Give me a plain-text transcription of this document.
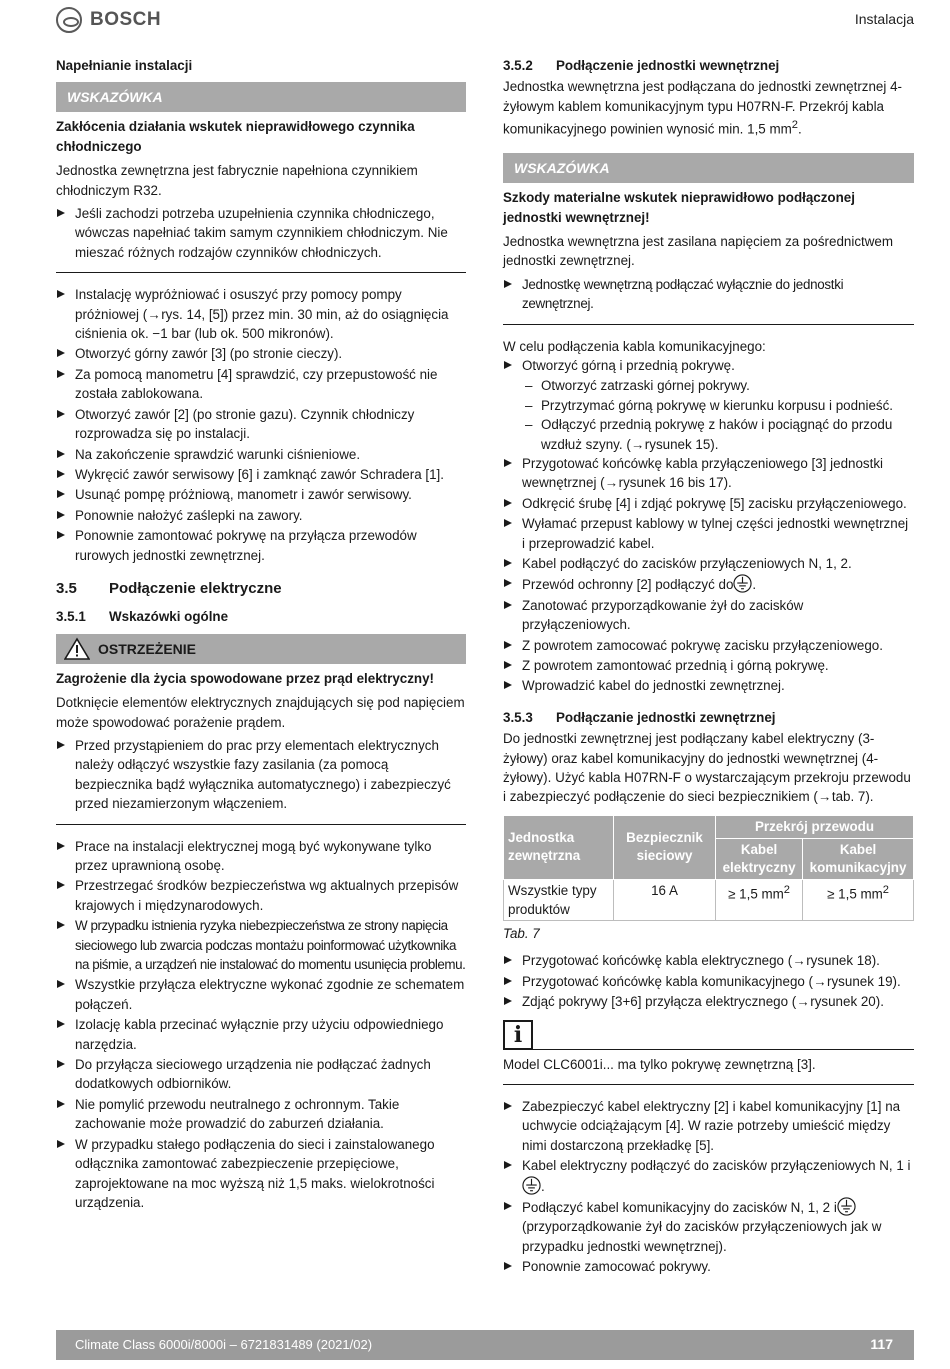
BOSCH	Instalacja
Napełnianie instalacji
WSKAZÓWKA
Zakłócenia działania wskutek nieprawidłowego czynnika chłodniczego
Jednostka zewnętrzna jest fabrycznie napełniona czynnikiem chłodniczym R32.
Jeśli zachodzi potrzeba uzupełnienia czynnika chłodniczego, wówczas napełniać takim samym czynnikiem chłodniczym. Nie mieszać różnych rodzajów czynników chłodniczych.
Instalację wypróżniować i osuszyć przy pomocy pompy próżniowej (→rys. 14, [5]) przez min. 30 min, aż do osiągnięcia ciśnienia ok. −1 bar (lub ok. 500 mikronów).
Otworzyć górny zawór [3] (po stronie cieczy).
Za pomocą manometru [4] sprawdzić, czy przepustowość nie została zablokowana.
Otworzyć zawór [2] (po stronie gazu). Czynnik chłodniczy rozprowadza się po instalacji.
Na zakończenie sprawdzić warunki ciśnieniowe.
Wykręcić zawór serwisowy [6] i zamknąć zawór Schradera [1].
Usunąć pompę próżniową, manometr i zawór serwisowy.
Ponownie nałożyć zaślepki na zawory.
Ponownie zamontować pokrywę na przyłącza przewodów rurowych jednostki zewnętrznej.
3.5 Podłączenie elektryczne
3.5.1 Wskazówki ogólne
OSTRZEŻENIE
Zagrożenie dla życia spowodowane przez prąd elektryczny!
Dotknięcie elementów elektrycznych znajdujących się pod napięciem może spowodować porażenie prądem.
Przed przystąpieniem do prac przy elementach elektrycznych należy odłączyć wszystkie fazy zasilania (za pomocą bezpiecznika bądź wyłącznika automatycznego) i zabezpieczyć przed niezamierzonym włączeniem.
Prace na instalacji elektrycznej mogą być wykonywane tylko przez uprawnioną osobę.
Przestrzegać środków bezpieczeństwa wg aktualnych przepisów krajowych i międzynarodowych.
W przypadku istnienia ryzyka niebezpieczeństwa ze strony napięcia sieciowego lub zwarcia podczas montażu poinformować użytkownika na piśmie, a urządzeń nie instalować do momentu usunięcia problemu.
Wszystkie przyłącza elektryczne wykonać zgodnie ze schematem połączeń.
Izolację kabla przecinać wyłącznie przy użyciu odpowiedniego narzędzia.
Do przyłącza sieciowego urządzenia nie podłączać żadnych dodatkowych odbiorników.
Nie pomylić przewodu neutralnego z ochronnym. Takie zachowanie może prowadzić do zaburzeń działania.
W przypadku stałego podłączenia do sieci i zainstalowanego odłącznika zamontować zabezpieczenie przepięciowe, zaprojektowane na moc wyższą niż 1,5 maks. wielokrotności urządzenia.
3.5.2 Podłączenie jednostki wewnętrznej
Jednostka wewnętrzna jest podłączana do jednostki zewnętrznej 4-żyłowym kablem komunikacyjnym typu H07RN-F. Przekrój kabla komunikacyjnego powinien wynosić min. 1,5 $mm^2$.
WSKAZÓWKA
Szkody materialne wskutek nieprawidłowo podłączonej jednostki wewnętrznej!
Jednostka wewnętrzna jest zasilana napięciem za pośrednictwem jednostki zewnętrznej.
Jednostkę wewnętrzną podłączać wyłącznie do jednostki zewnętrznej.
W celu podłączenia kabla komunikacyjnego:
Otworzyć górną i przednią pokrywę.
– Otworzyć zatrzaski górnej pokrywy.
– Przytrzymać górną pokrywę w kierunku korpusu i podnieść.
– Odłączyć przednią pokrywę z haków i pociągnąć do przodu wzdłuż szyny. (→rysunek 15).
Przygotować końcówkę kabla przyłączeniowego [3] jednostki wewnętrznej (→rysunek 16 bis 17).
Odkręcić śrubę [4] i zdjąć pokrywę [5] zacisku przyłączeniowego.
Wyłamać przepust kablowy w tylnej części jednostki wewnętrznej i przeprowadzić kabel.
Kabel podłączyć do zacisków przyłączeniowych N, 1, 2.
Przewód ochronny [2] podłączyć do .
Zanotować przyporządkowanie żył do zacisków przyłączeniowych.
Z powrotem zamocować pokrywę zacisku przyłączeniowego.
Z powrotem zamontować przednią i górną pokrywę.
Wprowadzić kabel do jednostki zewnętrznej.
3.5.3 Podłączanie jednostki zewnętrznej
Do jednostki zewnętrznej jest podłączany kabel elektryczny (3-żyłowy) oraz kabel komunikacyjny do jednostki wewnętrznej (4-żyłowy). Użyć kabla H07RN-F o wystarczającym przekroju przewodu i zabezpieczyć podłączenie do sieci bezpiecznikiem (→tab. 7).
Jednostka zewnętrzna	Bezpiecznik sieciowy	Przekrój przewodu	
		Kabel elektryczny	Kabel komunikacyjny
Wszystkie typy produktów	16 A	≥ 1,5 $mm^2$	≥ 1,5 $mm^2$
Tab. 7
Przygotować końcówkę kabla elektrycznego (→rysunek 18).
Przygotować końcówkę kabla komunikacyjnego (→rysunek 19).
Zdjąć pokrywy [3+6] przyłącza elektrycznego (→rysunek 20).
i
Model CLC6001i... ma tylko pokrywę zewnętrzną [3].
Zabezpieczyć kabel elektryczny [2] i kabel komunikacyjny [1] na uchwycie odciążającym [4]. W razie potrzeby umieścić między nimi dostarczoną przekładkę [5].
Kabel elektryczny podłączyć do zacisków przyłączeniowych N, 1 i.
Podłączyć kabel komunikacyjny do zacisków N, 1, 2 i (przyporządkowanie żył do zacisków przyłączeniowych jak w przypadku jednostki wewnętrznej).
Ponownie zamocować pokrywy.
Climate Class 6000i/8000i – 6721831489 (2021/02)	117
